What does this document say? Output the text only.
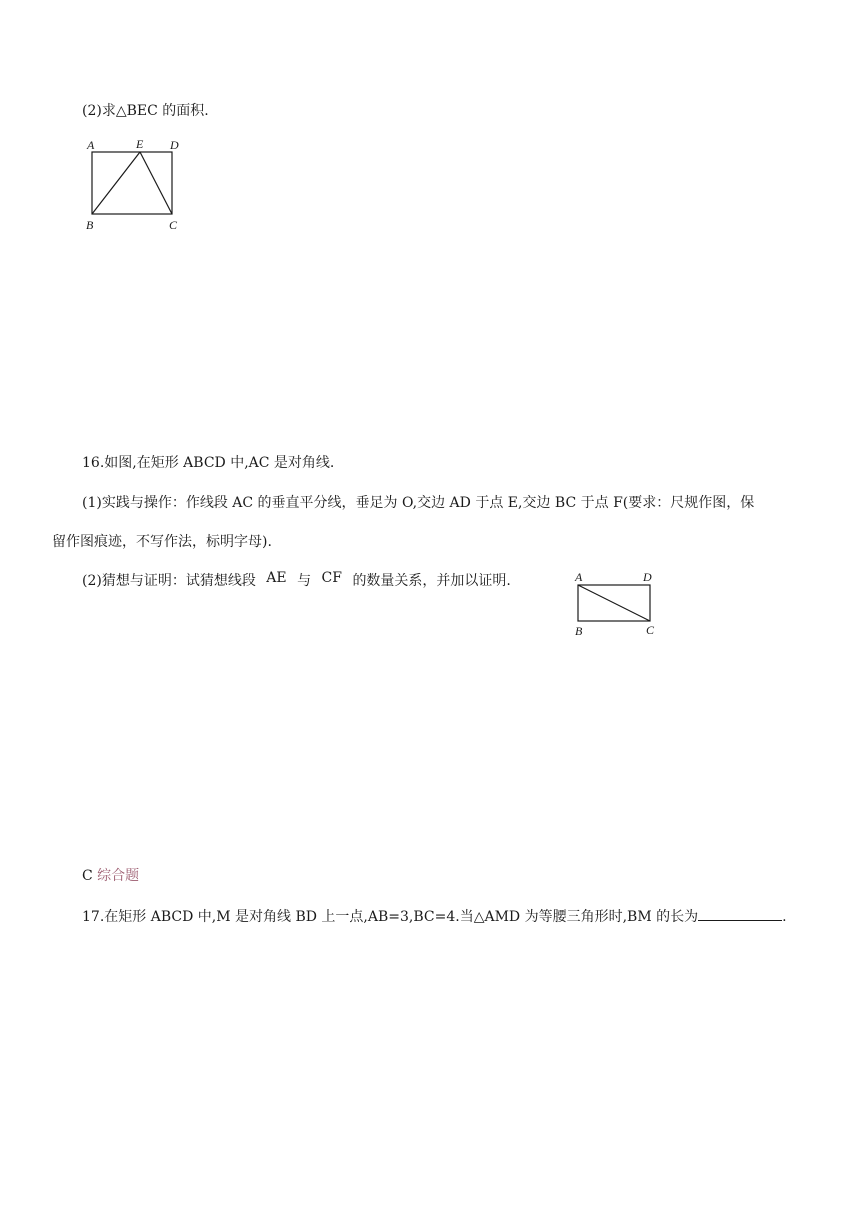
(2)求△BEC 的面积.
A	E D
B	C
16.如图,在矩形 ABCD 中,AC 是对角线.
(1)实践与操作：作线段 AC 的垂直平分线，垂足为 O,交边 AD 于点 E,交边 BC 于点 F(要求：尺规作图，保
留作图痕迹，不写作法，标明字母).
(2)猜想与证明：试猜想线段 AE 与 CF 的数量关系，并加以证明.	A	D
B	C
C 综合题
17.在矩形 ABCD 中,M 是对角线 BD 上一点,AB=3,BC=4.当△AMD 为等腰三角形时,BM 的长为	.
